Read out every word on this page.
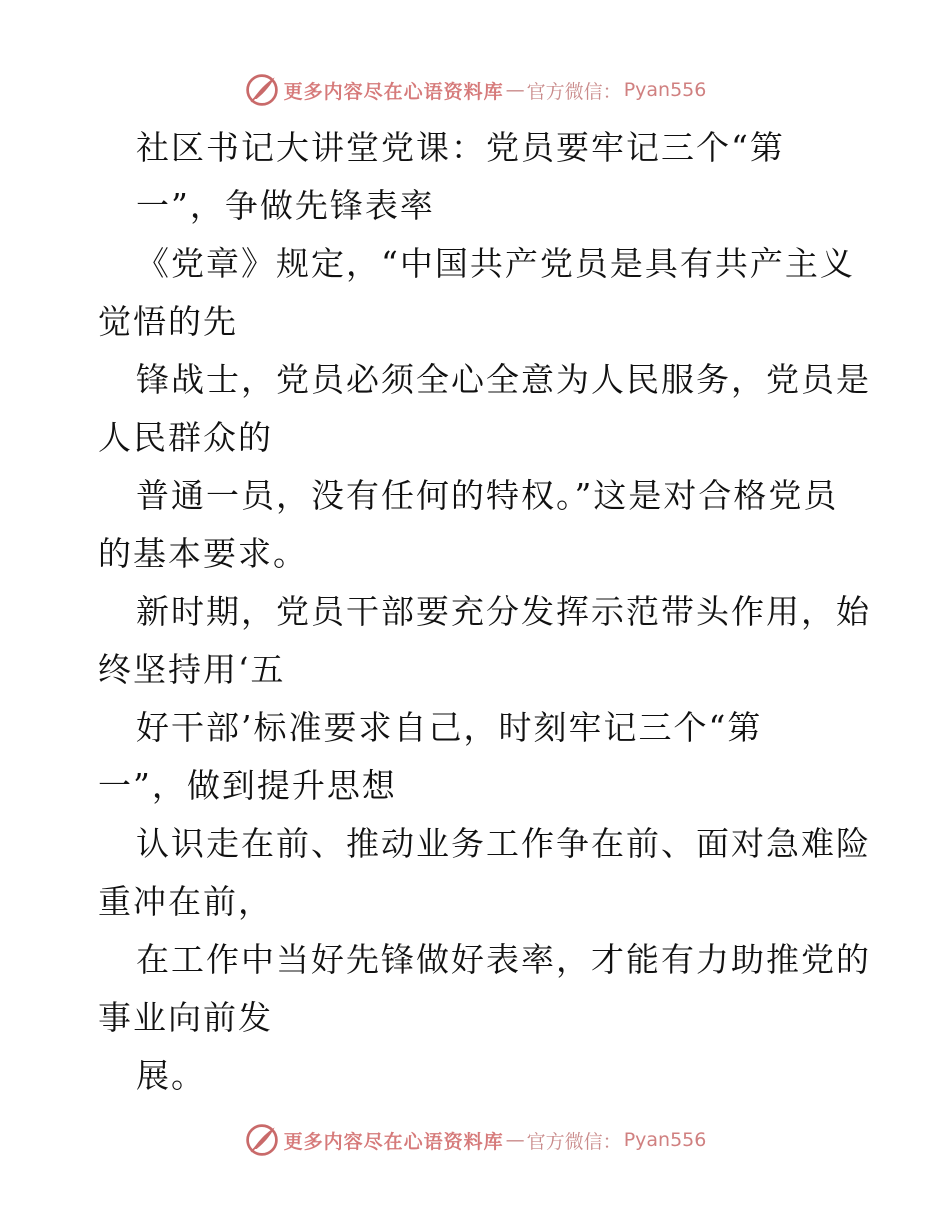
更多内容尽在心语资料库 — 官方微信： Pyan556
社区书记大讲堂党课：党员要牢记三个“第
一”，争做先锋表率
《党章》规定，“中国共产党员是具有共产主义
觉悟的先
锋战士，党员必须全心全意为人民服务，党员是
人民群众的
普通一员，没有任何的特权。”这是对合格党员
的基本要求。
新时期，党员干部要充分发挥示范带头作用，始
终坚持用‘五
好干部’标准要求自己，时刻牢记三个“第
一”，做到提升思想
认识走在前、推动业务工作争在前、面对急难险
重冲在前，
在工作中当好先锋做好表率，才能有力助推党的
事业向前发
展。
更多内容尽在心语资料库 — 官方微信： Pyan556
